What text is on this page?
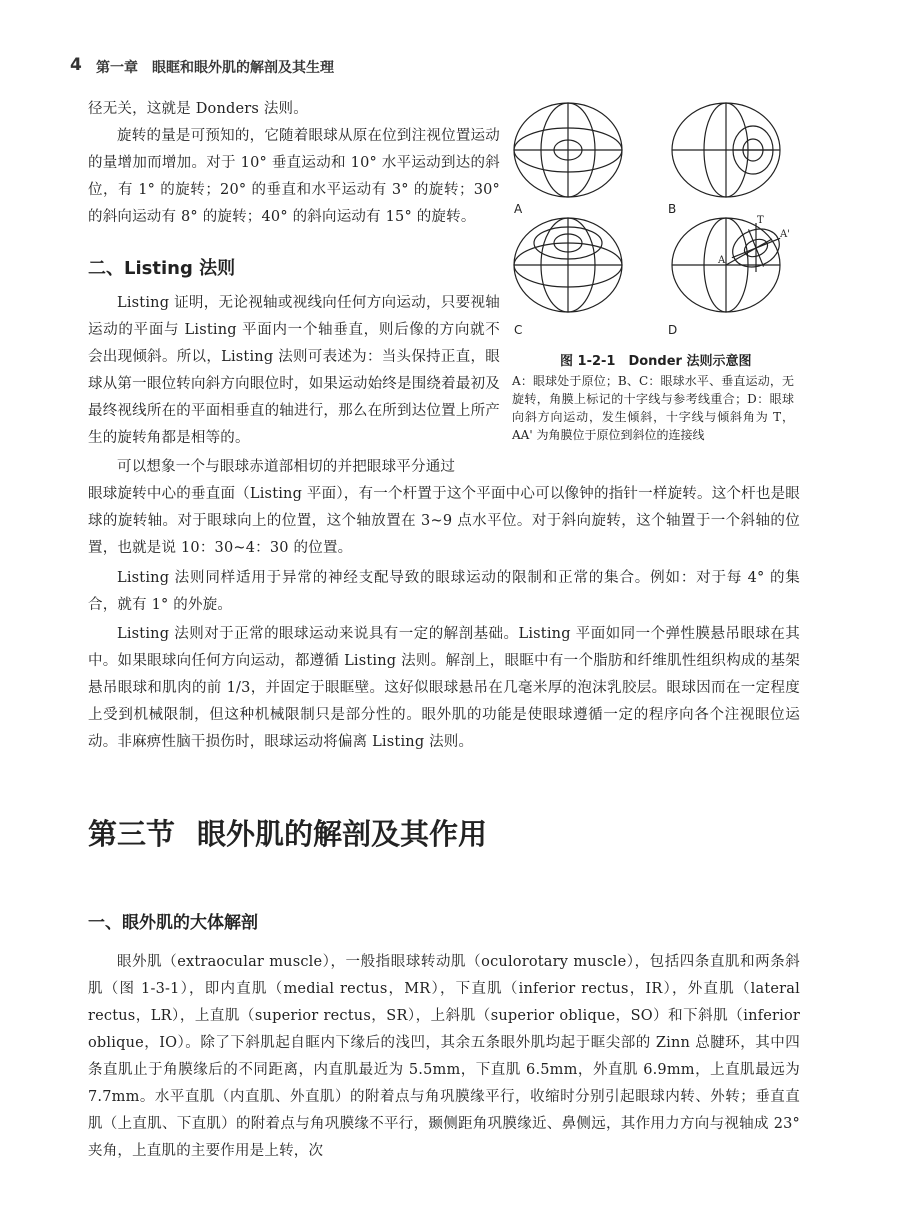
4 第一章　眼眶和眼外肌的解剖及其生理

径无关，这就是 Donders 法则。

旋转的量是可预知的，它随着眼球从原在位到注视位置运动的量增加而增加。对于 10° 垂直运动和 10° 水平运动到达的斜位，有 1° 的旋转；20° 的垂直和水平运动有 3° 的旋转；30° 的斜向运动有 8° 的旋转；40° 的斜向运动有 15° 的旋转。

二、Listing 法则

Listing 证明，无论视轴或视线向任何方向运动，只要视轴运动的平面与 Listing 平面内一个轴垂直，则后像的方向就不会出现倾斜。所以，Listing 法则可表述为：当头保持正直，眼球从第一眼位转向斜方向眼位时，如果运动始终是围绕着最初及最终视线所在的平面相垂直的轴进行，那么在所到达位置上所产生的旋转角都是相等的。

可以想象一个与眼球赤道部相切的并把眼球平分通过

眼球旋转中心的垂直面（Listing 平面），有一个杆置于这个平面中心可以像钟的指针一样旋转。这个杆也是眼球的旋转轴。对于眼球向上的位置，这个轴放置在 3~9 点水平位。对于斜向旋转，这个轴置于一个斜轴的位置，也就是说 10：30~4：30 的位置。

Listing 法则同样适用于异常的神经支配导致的眼球运动的限制和正常的集合。例如：对于每 4° 的集合，就有 1° 的外旋。

Listing 法则对于正常的眼球运动来说具有一定的解剖基础。Listing 平面如同一个弹性膜悬吊眼球在其中。如果眼球向任何方向运动，都遵循 Listing 法则。解剖上，眼眶中有一个脂肪和纤维肌性组织构成的基架悬吊眼球和肌肉的前 1/3，并固定于眼眶壁。这好似眼球悬吊在几毫米厚的泡沫乳胶层。眼球因而在一定程度上受到机械限制，但这种机械限制只是部分性的。眼外肌的功能是使眼球遵循一定的程序向各个注视眼位运动。非麻痹性脑干损伤时，眼球运动将偏离 Listing 法则。

第三节 眼外肌的解剖及其作用
一、眼外肌的大体解剖

眼外肌（extraocular muscle），一般指眼球转动肌（oculorotary muscle），包括四条直肌和两条斜肌（图 1-3-1），即内直肌（medial rectus，MR），下直肌（inferior rectus，IR），外直肌（lateral rectus，LR），上直肌（superior rectus，SR），上斜肌（superior oblique，SO）和下斜肌（inferior oblique，IO）。除了下斜肌起自眶内下缘后的浅凹，其余五条眼外肌均起于眶尖部的 Zinn 总腱环，其中四条直肌止于角膜缘后的不同距离，内直肌最近为 5.5mm，下直肌 6.5mm，外直肌 6.9mm，上直肌最远为 7.7mm。水平直肌（内直肌、外直肌）的附着点与角巩膜缘平行，收缩时分别引起眼球内转、外转；垂直直肌（上直肌、下直肌）的附着点与角巩膜缘不平行，颞侧距角巩膜缘近、鼻侧远，其作用力方向与视轴成 23° 夹角，上直肌的主要作用是上转，次

T
A'
A
A	B
C	D
图 1-2-1　Donder 法则示意图

A：眼球处于原位；B、C：眼球水平、垂直运动，无旋转，角膜上标记的十字线与参考线重合；D：眼球向斜方向运动，发生倾斜，十字线与倾斜角为 T，AA' 为角膜位于原位到斜位的连接线
